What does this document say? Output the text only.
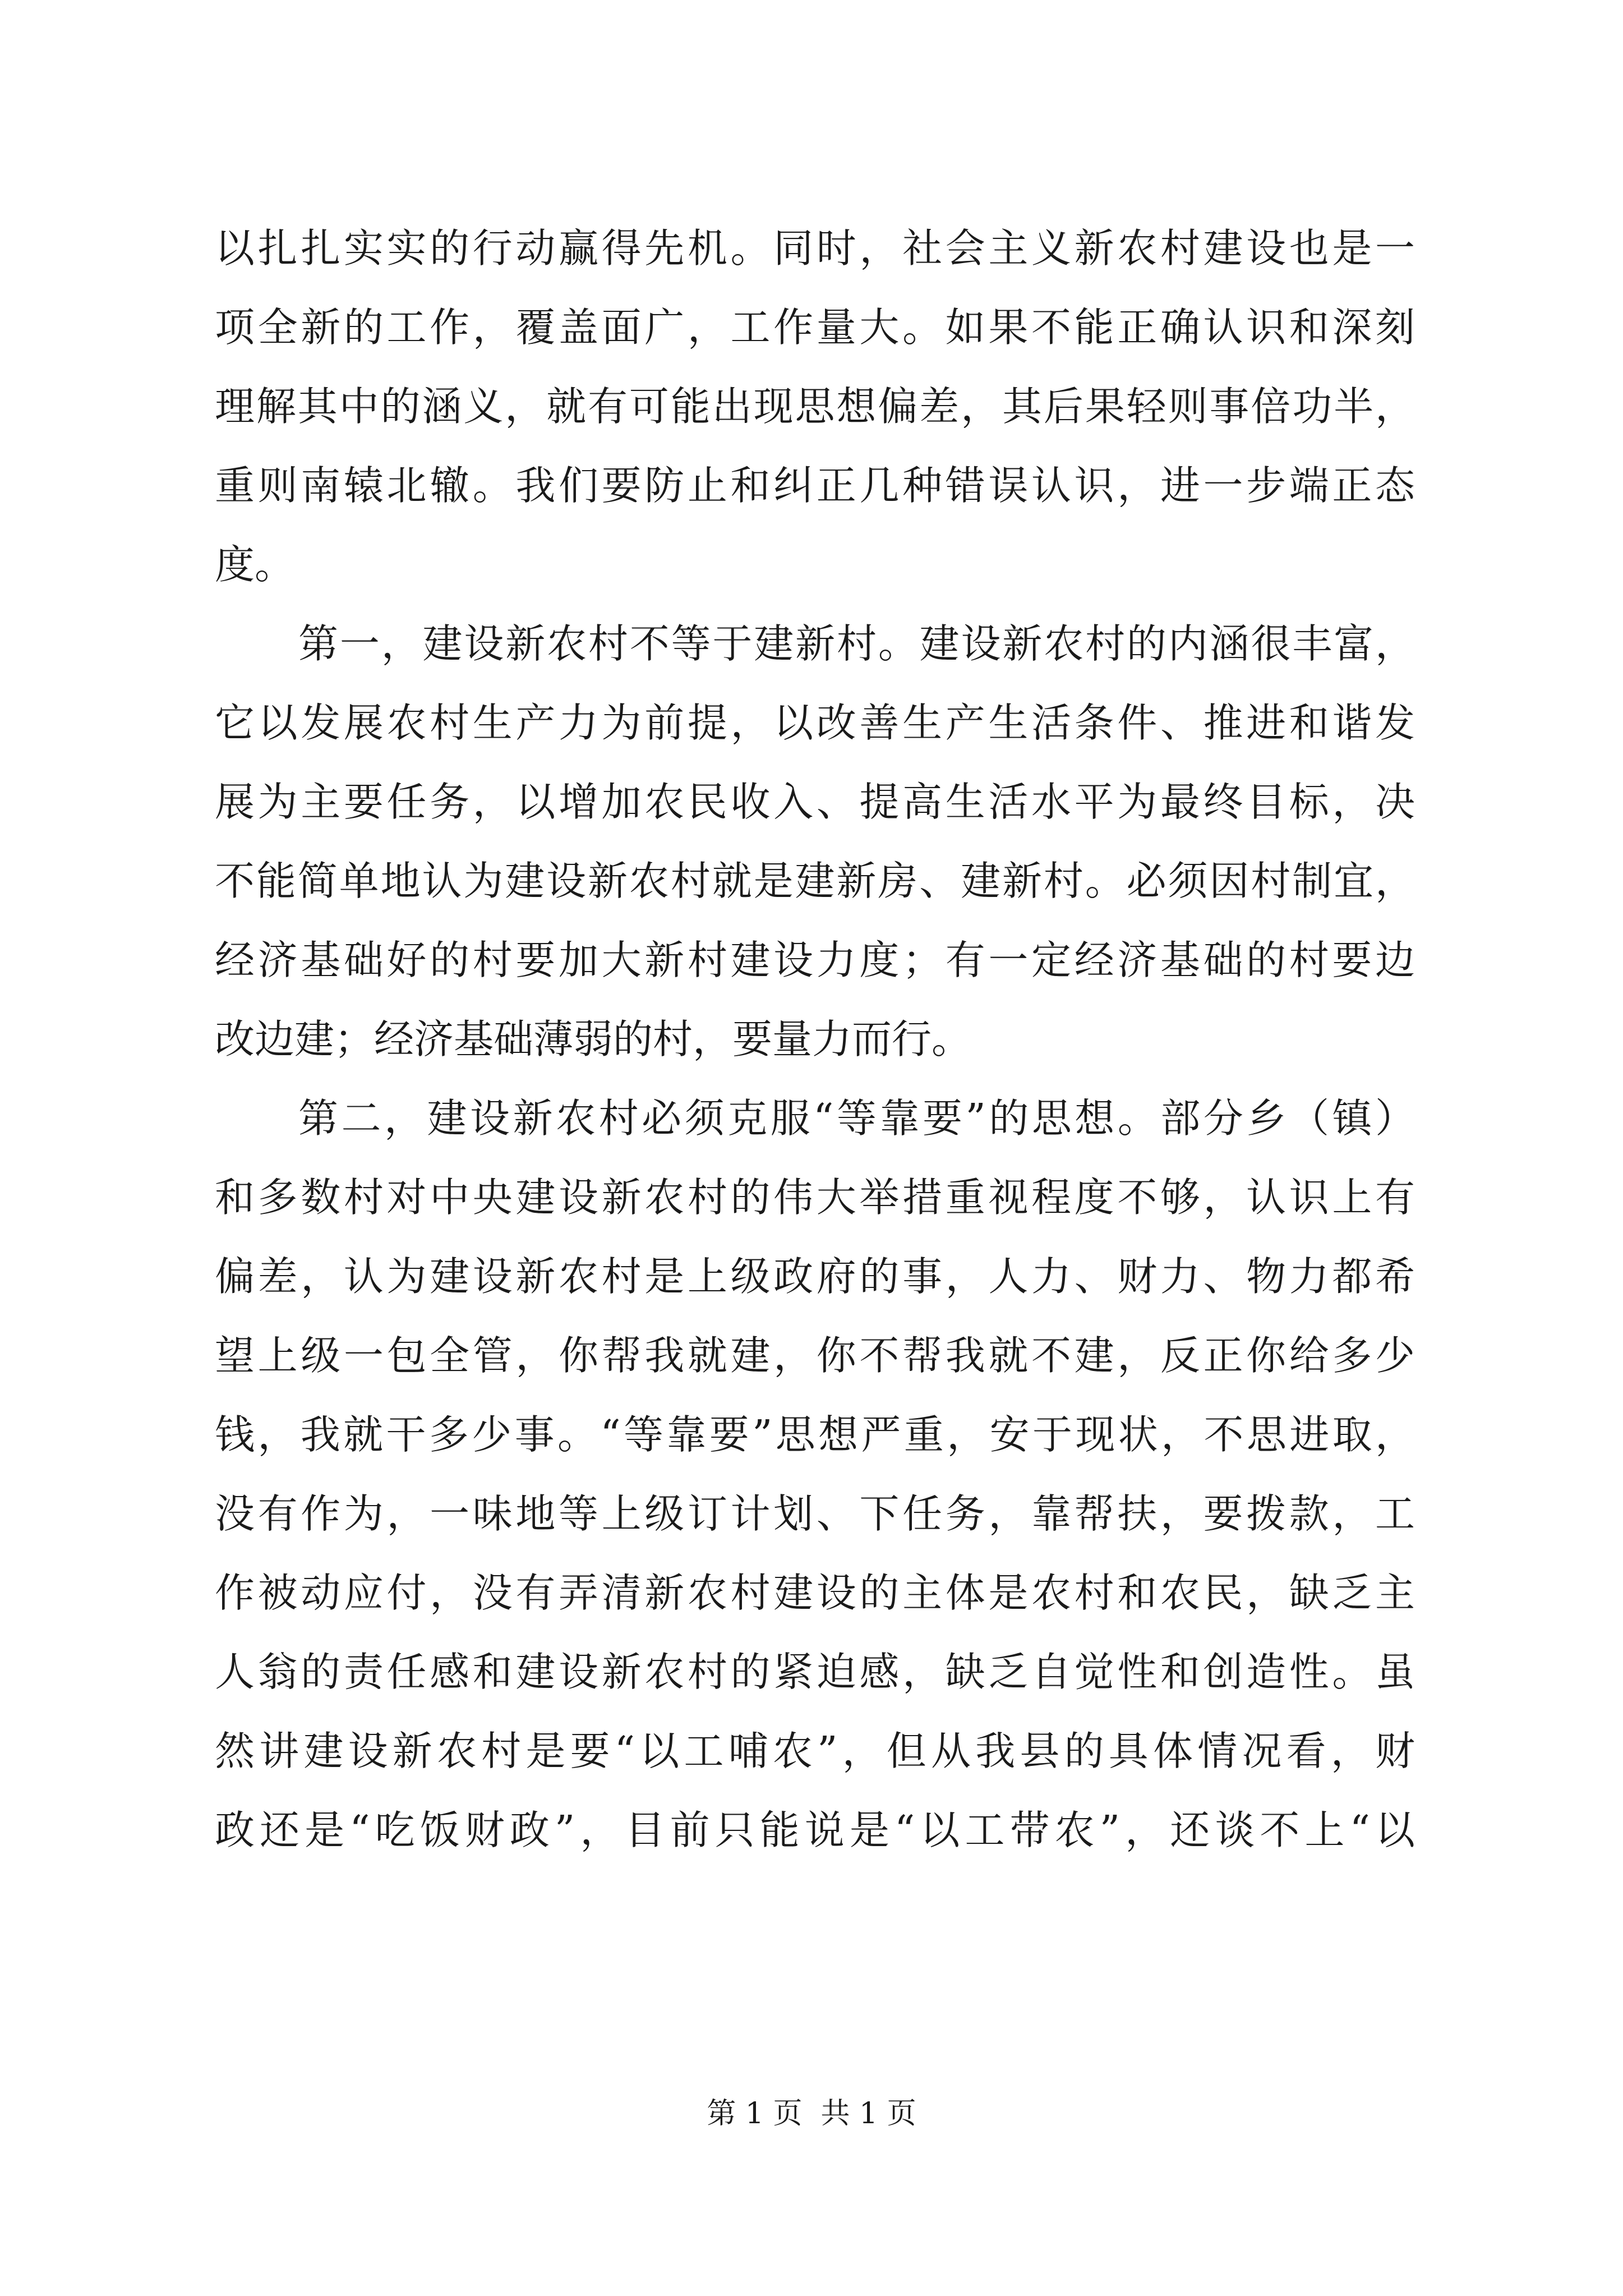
以扎扎实实的行动赢得先机。同时，社会主义新农村建设也是一
项全新的工作，覆盖面广，工作量大。如果不能正确认识和深刻
理解其中的涵义，就有可能出现思想偏差，其后果轻则事倍功半，
重则南辕北辙。我们要防止和纠正几种错误认识，进一步端正态
度。
第一，建设新农村不等于建新村。建设新农村的内涵很丰富，
它以发展农村生产力为前提，以改善生产生活条件、推进和谐发
展为主要任务，以增加农民收入、提高生活水平为最终目标，决
不能简单地认为建设新农村就是建新房、建新村。必须因村制宜，
经济基础好的村要加大新村建设力度；有一定经济基础的村要边
改边建；经济基础薄弱的村，要量力而行。
第二，建设新农村必须克服“等靠要”的思想。部分乡（镇）
和多数村对中央建设新农村的伟大举措重视程度不够，认识上有
偏差，认为建设新农村是上级政府的事，人力、财力、物力都希
望上级一包全管，你帮我就建，你不帮我就不建，反正你给多少
钱，我就干多少事。“等靠要”思想严重，安于现状，不思进取，
没有作为，一味地等上级订计划、下任务，靠帮扶，要拨款，工
作被动应付，没有弄清新农村建设的主体是农村和农民，缺乏主
人翁的责任感和建设新农村的紧迫感，缺乏自觉性和创造性。虽
然讲建设新农村是要“以工哺农”，但从我县的具体情况看，财
政还是“吃饭财政”，目前只能说是“以工带农”，还谈不上“以
第 1 页  共 1 页
